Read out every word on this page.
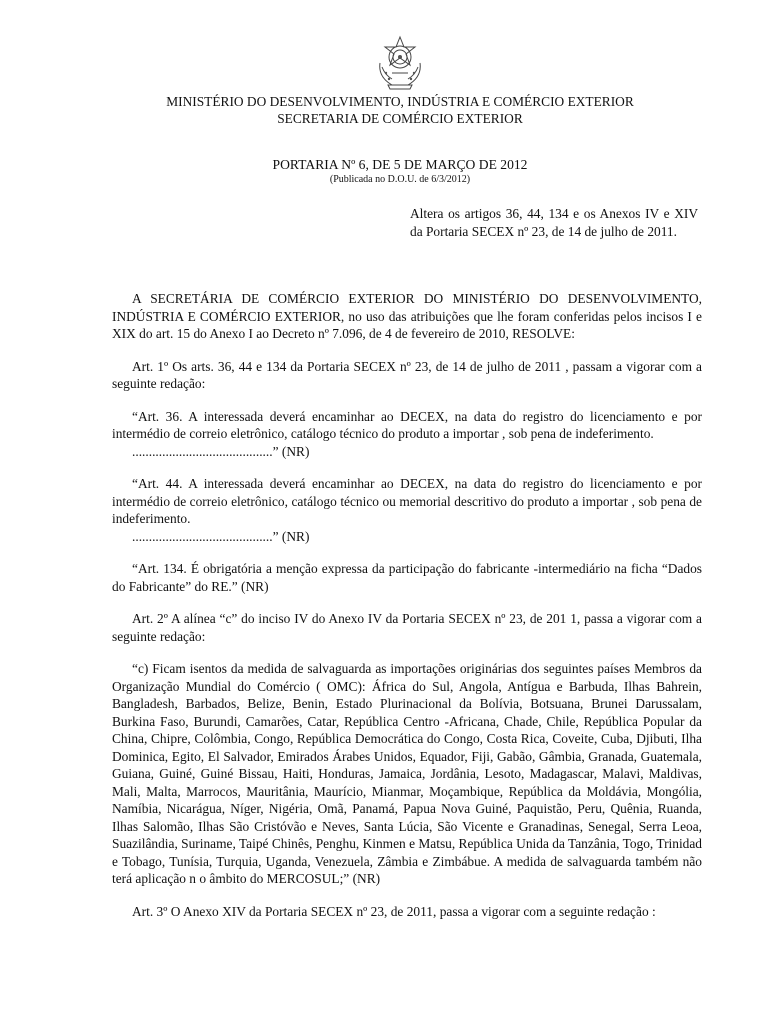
MINISTÉRIO DO DESENVOLVIMENTO, INDÚSTRIA E COMÉRCIO EXTERIOR
SECRETARIA DE COMÉRCIO EXTERIOR
PORTARIA Nº 6, DE 5 DE MARÇO DE 2012
(Publicada no D.O.U. de 6/3/2012)
Altera os artigos 36, 44, 134 e os Anexos IV e XIV da Portaria SECEX nº 23, de 14 de julho de 2011.

A SECRETÁRIA DE COMÉRCIO EXTERIOR DO MINISTÉRIO DO DESENVOLVIMENTO, INDÚSTRIA E COMÉRCIO EXTERIOR, no uso das atribuições que lhe foram conferidas pelos incisos I e XIX do art. 15 do Anexo I ao Decreto nº 7.096, de 4 de fevereiro de 2010, RESOLVE:

Art. 1º Os arts. 36, 44 e 134 da Portaria SECEX nº 23, de 14 de julho de 2011 , passam a vigorar com a seguinte redação:

“Art. 36. A interessada deverá encaminhar ao DECEX, na data do registro do licenciamento e por intermédio de correio eletrônico, catálogo técnico do produto a importar , sob pena de indeferimento.

..........................................” (NR)

“Art. 44. A interessada deverá encaminhar ao DECEX, na data do registro do licenciamento e por intermédio de correio eletrônico, catálogo técnico ou memorial descritivo do produto a importar , sob pena de indeferimento.

..........................................” (NR)

“Art. 134. É obrigatória a menção expressa da participação do fabricante -intermediário na ficha “Dados do Fabricante” do RE.” (NR)

Art. 2º A alínea “c” do inciso IV do Anexo IV da Portaria SECEX nº 23, de 201 1, passa a vigorar com a seguinte redação:

“c) Ficam isentos da medida de salvaguarda as importações originárias dos seguintes países Membros da Organização Mundial do Comércio ( OMC): África do Sul, Angola, Antígua e Barbuda, Ilhas Bahrein, Bangladesh, Barbados, Belize, Benin, Estado Plurinacional da Bolívia, Botsuana, Brunei Darussalam, Burkina Faso, Burundi, Camarões, Catar, República Centro -Africana, Chade, Chile, República Popular da China, Chipre, Colômbia, Congo, República Democrática do Congo, Costa Rica, Coveite, Cuba, Djibuti, Ilha Dominica, Egito, El Salvador, Emirados Árabes Unidos, Equador, Fiji, Gabão, Gâmbia, Granada, Guatemala, Guiana, Guiné, Guiné Bissau, Haiti, Honduras, Jamaica, Jordânia, Lesoto, Madagascar, Malavi, Maldivas, Mali, Malta, Marrocos, Mauritânia, Maurício, Mianmar, Moçambique, República da Moldávia, Mongólia, Namíbia, Nicarágua, Níger, Nigéria, Omã, Panamá, Papua Nova Guiné, Paquistão, Peru, Quênia, Ruanda, Ilhas Salomão, Ilhas São Cristóvão e Neves, Santa Lúcia, São Vicente e Granadinas, Senegal, Serra Leoa, Suazilândia, Suriname, Taipé Chinês, Penghu, Kinmen e Matsu, República Unida da Tanzânia, Togo, Trinidad e Tobago, Tunísia, Turquia, Uganda, Venezuela, Zâmbia e Zimbábue. A medida de salvaguarda também não terá aplicação n o âmbito do MERCOSUL;” (NR)

Art. 3º O Anexo XIV da Portaria SECEX nº 23, de 2011, passa a vigorar com a seguinte redação :
